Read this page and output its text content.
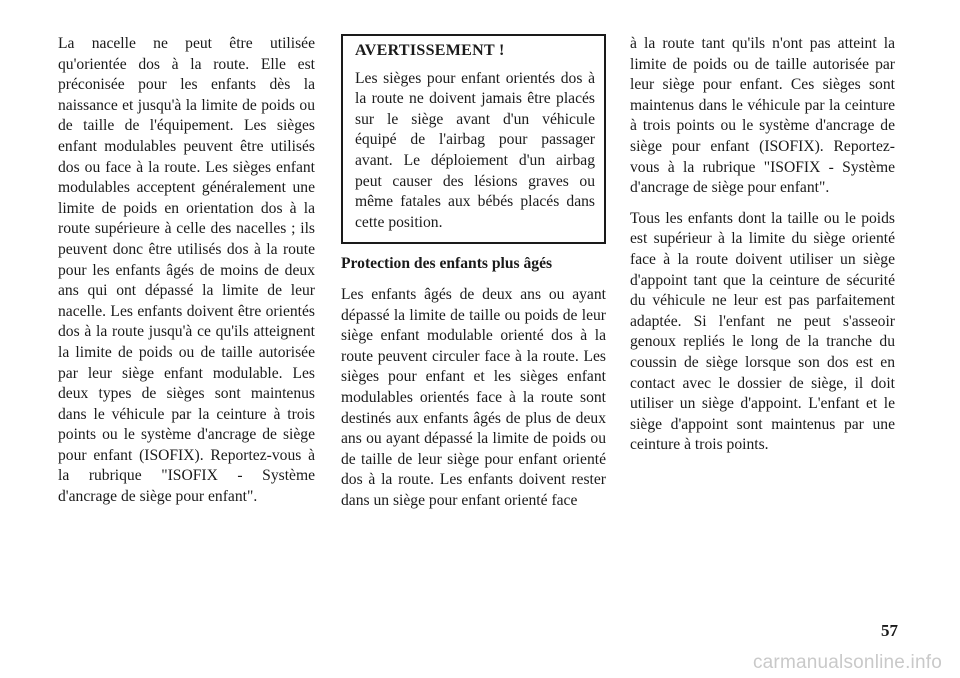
La nacelle ne peut être utilisée qu'orientée dos à la route. Elle est préconisée pour les enfants dès la naissance et jusqu'à la limite de poids ou de taille de l'équipement. Les sièges enfant modulables peuvent être utilisés dos ou face à la route. Les sièges enfant modulables acceptent généralement une limite de poids en orientation dos à la route supérieure à celle des nacelles ; ils peuvent donc être utilisés dos à la route pour les enfants âgés de moins de deux ans qui ont dépassé la limite de leur nacelle. Les enfants doivent être orientés dos à la route jusqu'à ce qu'ils atteignent la limite de poids ou de taille autorisée par leur siège enfant modulable. Les deux types de sièges sont maintenus dans le véhicule par la ceinture à trois points ou le système d'ancrage de siège pour enfant (ISOFIX). Reportez-vous à la rubrique "ISOFIX - Système d'ancrage de siège pour enfant".

AVERTISSEMENT !

Les sièges pour enfant orientés dos à la route ne doivent jamais être placés sur le siège avant d'un véhicule équipé de l'airbag pour passager avant. Le déploiement d'un airbag peut causer des lésions graves ou même fatales aux bébés placés dans cette position.

Protection des enfants plus âgés

Les enfants âgés de deux ans ou ayant dépassé la limite de taille ou poids de leur siège enfant modulable orienté dos à la route peuvent circuler face à la route. Les sièges pour enfant et les sièges enfant modulables orientés face à la route sont destinés aux enfants âgés de plus de deux ans ou ayant dépassé la limite de poids ou de taille de leur siège pour enfant orienté dos à la route. Les enfants doivent rester dans un siège pour enfant orienté face

à la route tant qu'ils n'ont pas atteint la limite de poids ou de taille autorisée par leur siège pour enfant. Ces sièges sont maintenus dans le véhicule par la ceinture à trois points ou le système d'ancrage de siège pour enfant (ISOFIX). Reportez-vous à la rubrique "ISOFIX - Système d'ancrage de siège pour enfant".

Tous les enfants dont la taille ou le poids est supérieur à la limite du siège orienté face à la route doivent utiliser un siège d'appoint tant que la ceinture de sécurité du véhicule ne leur est pas parfaitement adaptée. Si l'enfant ne peut s'asseoir genoux repliés le long de la tranche du coussin de siège lorsque son dos est en contact avec le dossier de siège, il doit utiliser un siège d'appoint. L'enfant et le siège d'appoint sont maintenus par une ceinture à trois points.

57
carmanualsonline.info
